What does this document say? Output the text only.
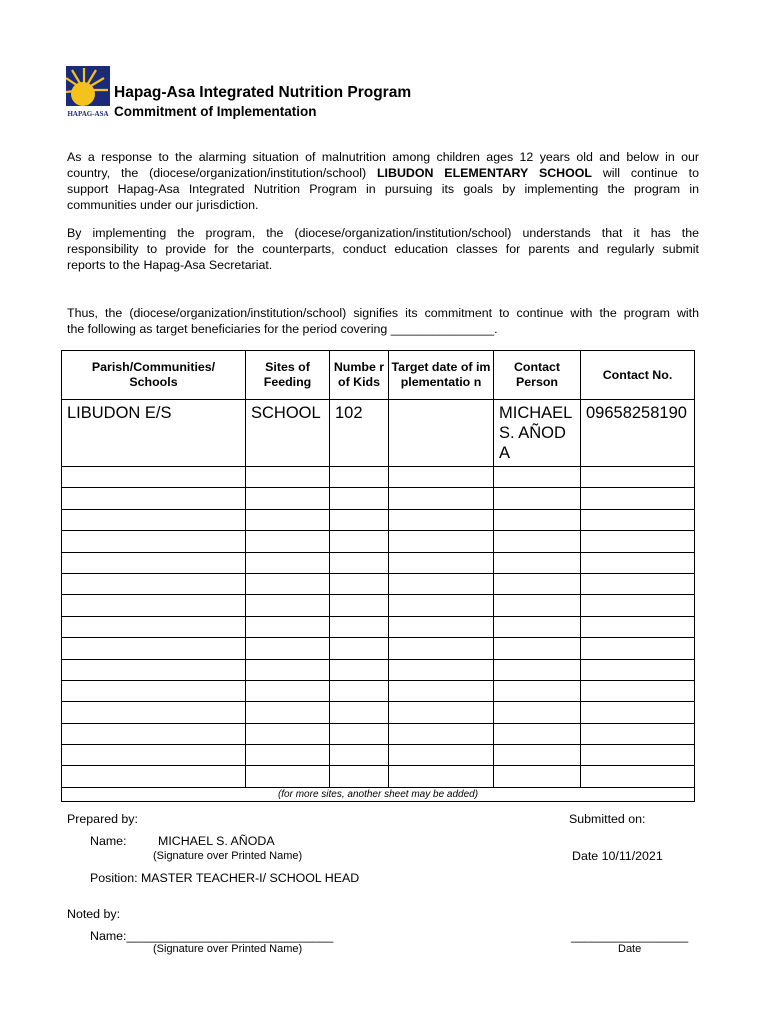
HAPAG-ASA
Hapag-Asa Integrated Nutrition Program
Commitment of Implementation
As a response to the alarming situation of malnutrition among children ages 12 years old and below in our
country, the (diocese/organization/institution/school) LIBUDON ELEMENTARY SCHOOL will continue to
support Hapag-Asa Integrated Nutrition Program in pursuing its goals by implementing the program in
communities under our jurisdiction.
By implementing the program, the (diocese/organization/institution/school) understands that it has the
responsibility to provide for the counterparts, conduct education classes for parents and regularly submit
reports to the Hapag-Asa Secretariat.
Thus, the (diocese/organization/institution/school) signifies its commitment to continue with the program with
the following as target beneficiaries for the period covering _______________.
Parish/Communities/ Schools	Sites of Feeding	Numbe r of Kids	Target date of implementatio n	Contact Person	Contact No.
LIBUDON E/S	SCHOOL	102		MICHAEL S. AÑODA	09658258190

(for more sites, another sheet may be added)					
Prepared by:	Submitted on:
Name:	MICHAEL S. AÑODA
(Signature over Printed Name)	Date 10/11/2021
Position: MASTER TEACHER-I/ SCHOOL HEAD
Noted by:
Name:______________________________	_________________
(Signature over Printed Name)	Date
